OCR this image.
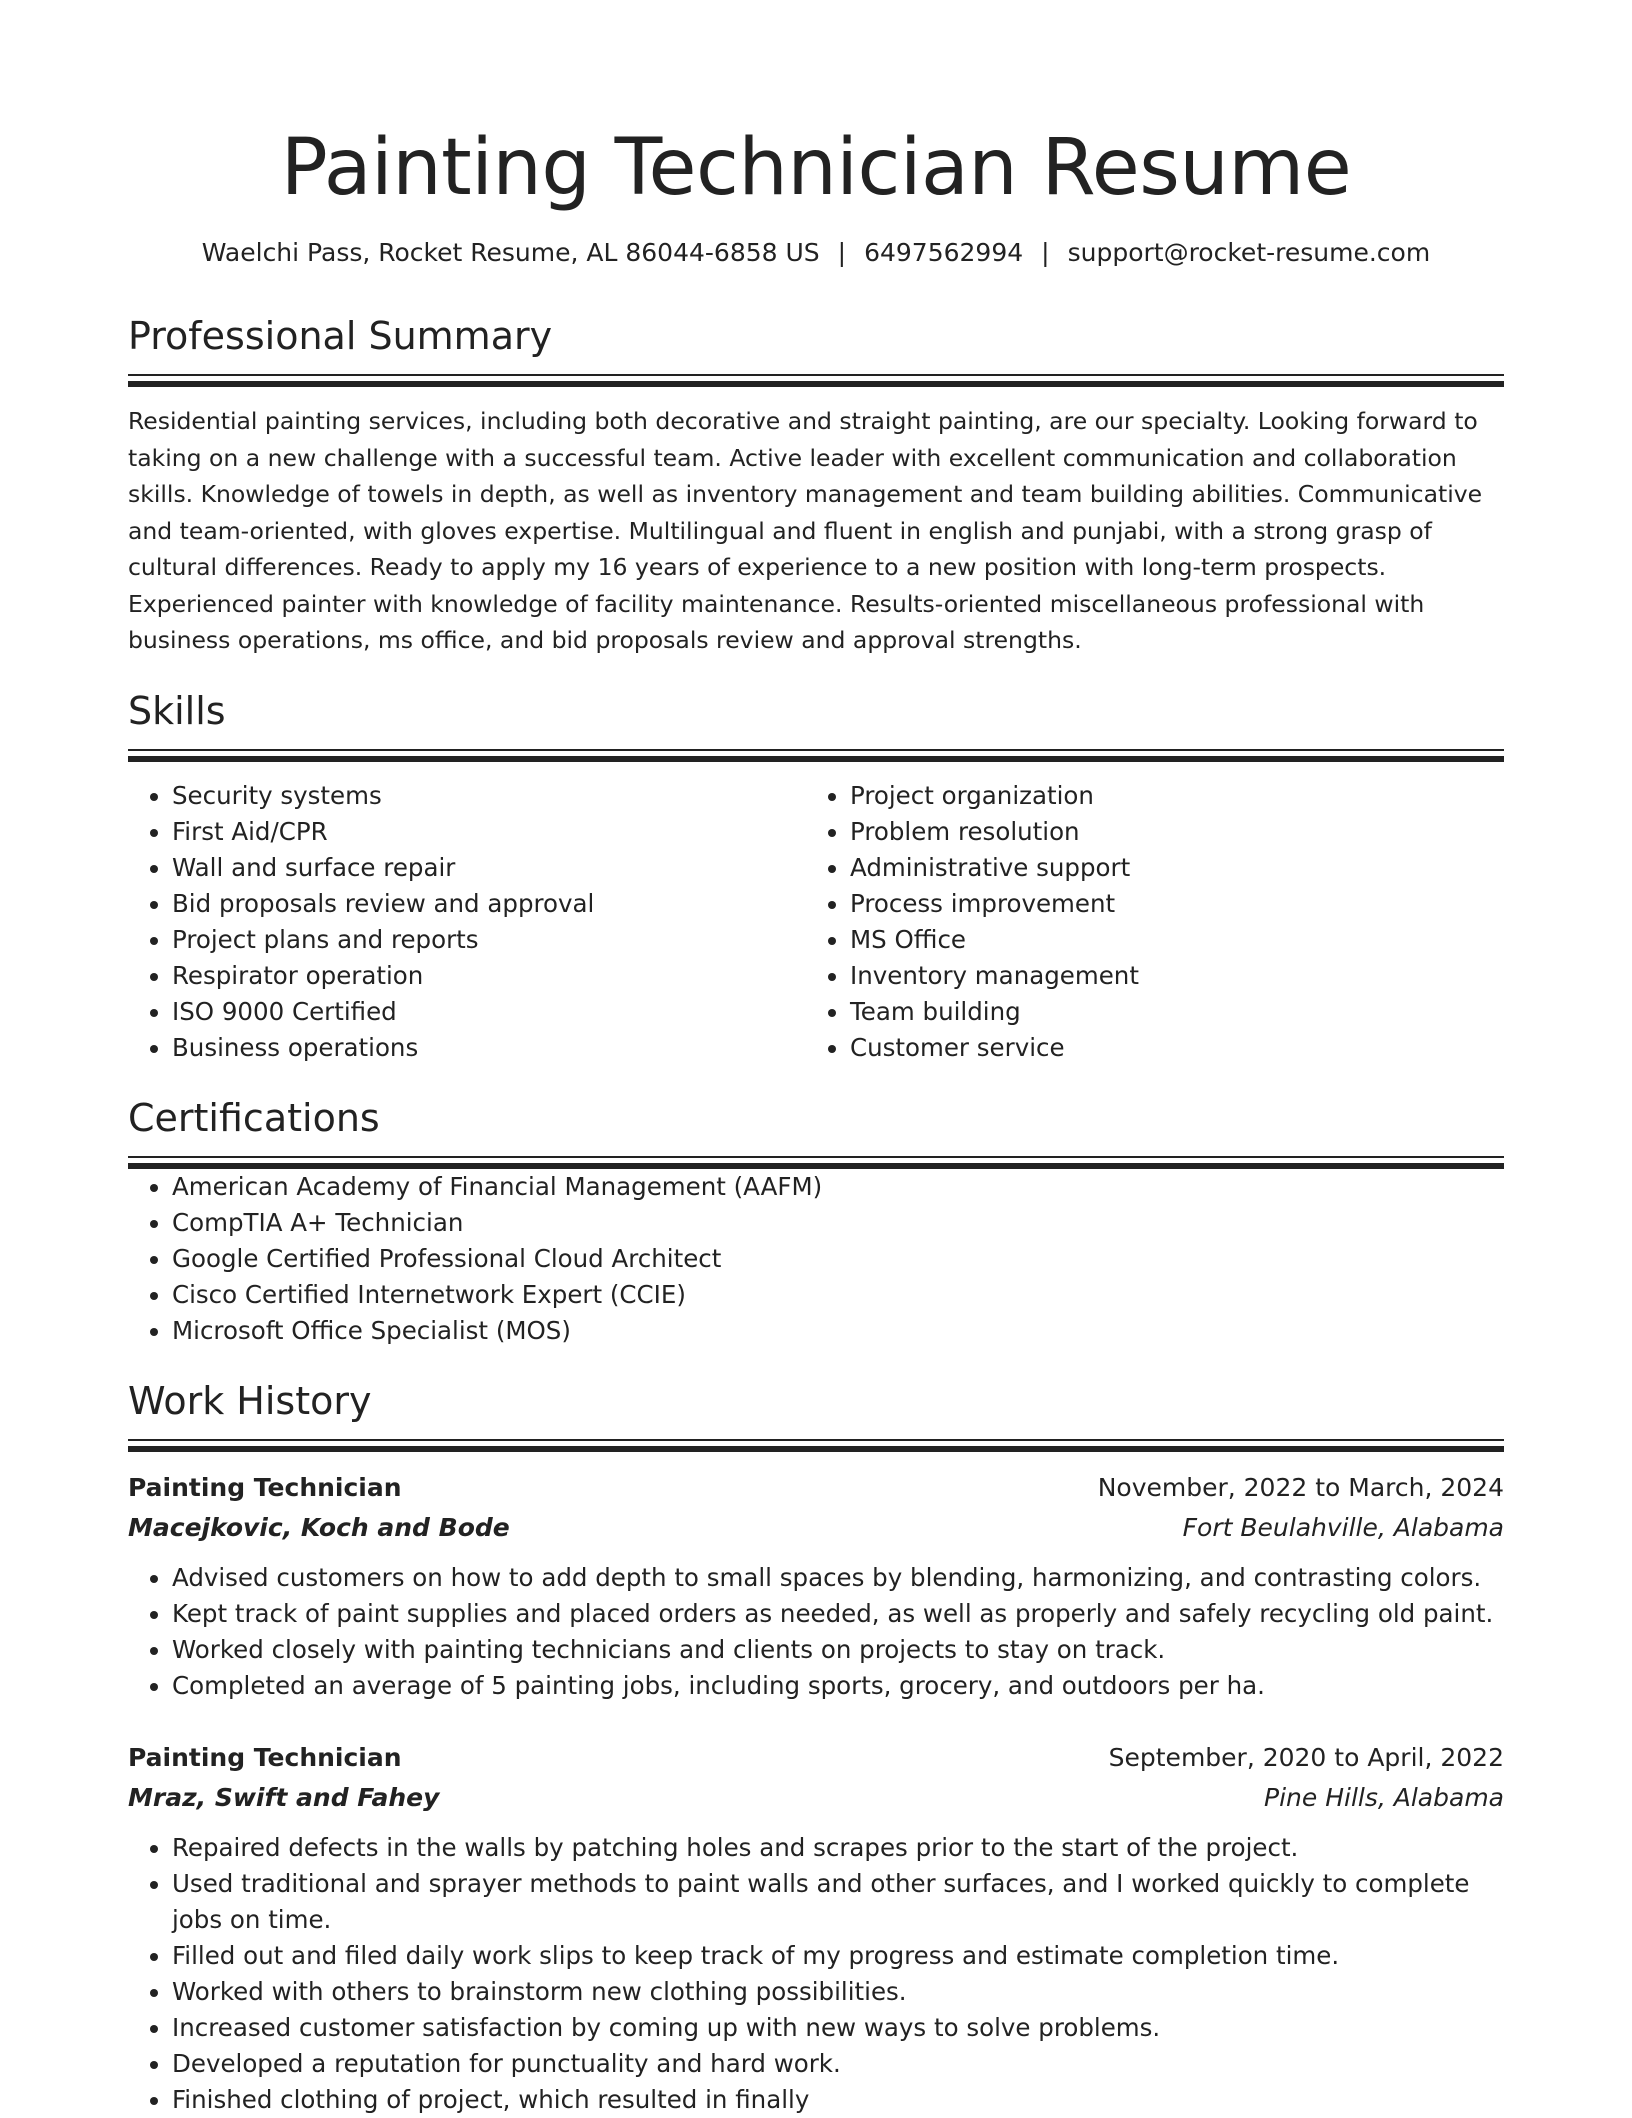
Painting Technician Resume
Waelchi Pass, Rocket Resume, AL 86044-6858 US | 6497562994 | support@rocket-resume.com
Professional Summary

Residential painting services, including both decorative and straight painting, are our specialty. Looking forward to taking on a new challenge with a successful team. Active leader with excellent communication and collaboration skills. Knowledge of towels in depth, as well as inventory management and team building abilities. Communicative and team-oriented, with gloves expertise. Multilingual and fluent in english and punjabi, with a strong grasp of cultural differences. Ready to apply my 16 years of experience to a new position with long-term prospects. Experienced painter with knowledge of facility maintenance. Results-oriented miscellaneous professional with business operations, ms office, and bid proposals review and approval strengths.

Skills
• Security systems
• First Aid/CPR
• Wall and surface repair
• Bid proposals review and approval
• Project plans and reports
• Respirator operation
• ISO 9000 Certified
• Business operations
• Project organization
• Problem resolution
• Administrative support
• Process improvement
• MS Office
• Inventory management
• Team building
• Customer service
Certifications
• American Academy of Financial Management (AAFM)
• CompTIA A+ Technician
• Google Certified Professional Cloud Architect
• Cisco Certified Internetwork Expert (CCIE)
• Microsoft Office Specialist (MOS)
Work History
Painting Technician	November, 2022 to March, 2024
Macejkovic, Koch and Bode	Fort Beulahville, Alabama
• Advised customers on how to add depth to small spaces by blending, harmonizing, and contrasting colors.
• Kept track of paint supplies and placed orders as needed, as well as properly and safely recycling old paint.
• Worked closely with painting technicians and clients on projects to stay on track.
• Completed an average of 5 painting jobs, including sports, grocery, and outdoors per ha.
Painting Technician	September, 2020 to April, 2022
Mraz, Swift and Fahey	Pine Hills, Alabama
• Repaired defects in the walls by patching holes and scrapes prior to the start of the project.
• Used traditional and sprayer methods to paint walls and other surfaces, and I worked quickly to complete jobs on time.
• Filled out and filed daily work slips to keep track of my progress and estimate completion time.
• Worked with others to brainstorm new clothing possibilities.
• Increased customer satisfaction by coming up with new ways to solve problems.
• Developed a reputation for punctuality and hard work.
• Finished clothing of project, which resulted in finally
